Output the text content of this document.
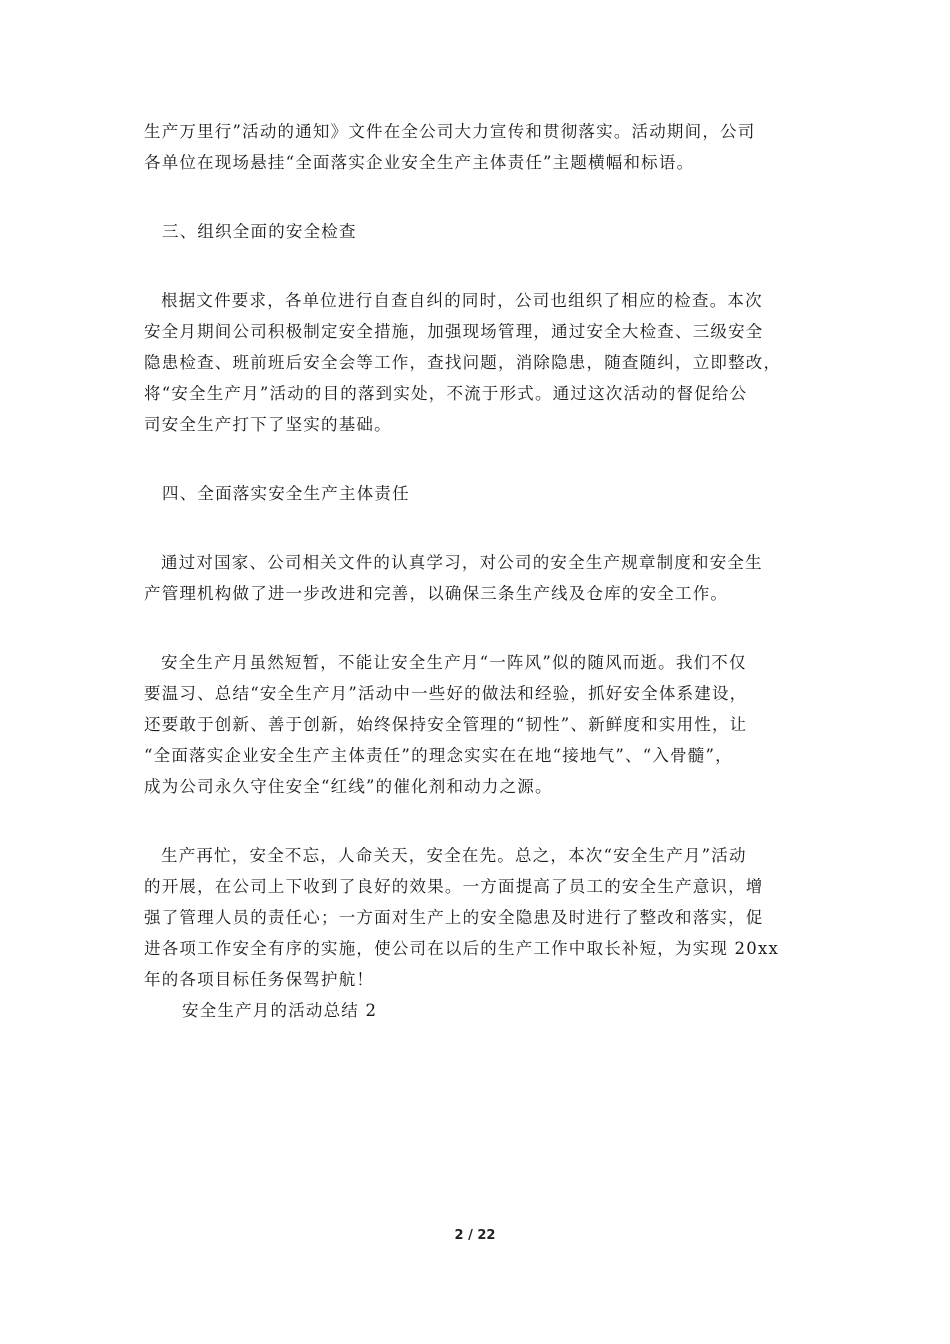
生产万里行”活动的通知》文件在全公司大力宣传和贯彻落实。活动期间，公司

各单位在现场悬挂“全面落实企业安全生产主体责任”主题横幅和标语。

三、组织全面的安全检查

根据文件要求，各单位进行自查自纠的同时，公司也组织了相应的检查。本次

安全月期间公司积极制定安全措施，加强现场管理，通过安全大检查、三级安全

隐患检查、班前班后安全会等工作，查找问题，消除隐患，随查随纠，立即整改，

将“安全生产月”活动的目的落到实处，不流于形式。通过这次活动的督促给公

司安全生产打下了坚实的基础。

四、全面落实安全生产主体责任

通过对国家、公司相关文件的认真学习，对公司的安全生产规章制度和安全生

产管理机构做了进一步改进和完善，以确保三条生产线及仓库的安全工作。

安全生产月虽然短暂，不能让安全生产月“一阵风”似的随风而逝。我们不仅

要温习、总结“安全生产月”活动中一些好的做法和经验，抓好安全体系建设，

还要敢于创新、善于创新，始终保持安全管理的“韧性”、新鲜度和实用性，让

“全面落实企业安全生产主体责任”的理念实实在在地“接地气”、“入骨髓”，

成为公司永久守住安全“红线”的催化剂和动力之源。

生产再忙，安全不忘，人命关天，安全在先。总之，本次“安全生产月”活动

的开展，在公司上下收到了良好的效果。一方面提高了员工的安全生产意识，增

强了管理人员的责任心；一方面对生产上的安全隐患及时进行了整改和落实，促

进各项工作安全有序的实施，使公司在以后的生产工作中取长补短，为实现 20xx

年的各项目标任务保驾护航！

安全生产月的活动总结 2

2 / 22
